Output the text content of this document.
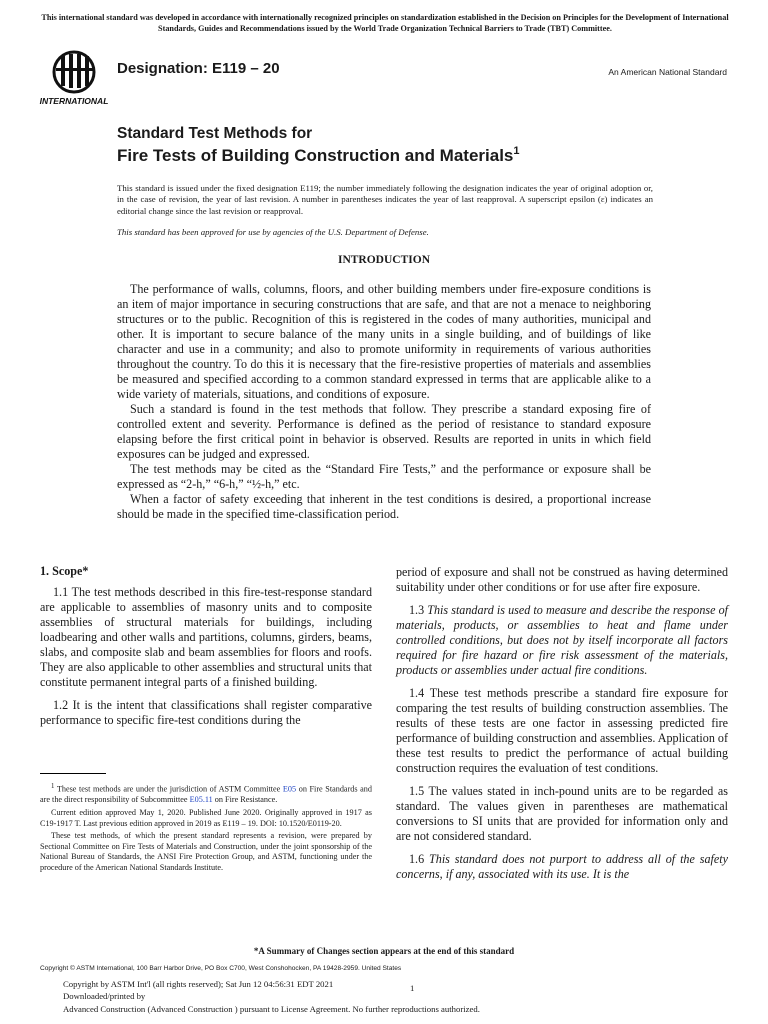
This international standard was developed in accordance with internationally recognized principles on standardization established in the Decision on Principles for the Development of International Standards, Guides and Recommendations issued by the World Trade Organization Technical Barriers to Trade (TBT) Committee.
INTERNATIONAL
Designation: E119 – 20	An American National Standard
Standard Test Methods for
Fire Tests of Building Construction and Materials$^1$
This standard is issued under the fixed designation E119; the number immediately following the designation indicates the year of original adoption or, in the case of revision, the year of last revision. A number in parentheses indicates the year of last reapproval. A superscript epsilon (ε) indicates an editorial change since the last revision or reapproval.
This standard has been approved for use by agencies of the U.S. Department of Defense.
INTRODUCTION

The performance of walls, columns, floors, and other building members under fire-exposure conditions is an item of major importance in securing constructions that are safe, and that are not a menace to neighboring structures or to the public. Recognition of this is registered in the codes of many authorities, municipal and other. It is important to secure balance of the many units in a single building, and of buildings of like character and use in a community; and also to promote uniformity in requirements of various authorities throughout the country. To do this it is necessary that the fire-resistive properties of materials and assemblies be measured and specified according to a common standard expressed in terms that are applicable alike to a wide variety of materials, situations, and conditions of exposure.

Such a standard is found in the test methods that follow. They prescribe a standard exposing fire of controlled extent and severity. Performance is defined as the period of resistance to standard exposure elapsing before the first critical point in behavior is observed. Results are reported in units in which field exposures can be judged and expressed.

The test methods may be cited as the “Standard Fire Tests,” and the performance or exposure shall be expressed as “2-h,” “6-h,” “½-h,” etc.

When a factor of safety exceeding that inherent in the test conditions is desired, a proportional increase should be made in the specified time-classification period.

1. Scope*

1.1 The test methods described in this fire-test-response standard are applicable to assemblies of masonry units and to composite assemblies of structural materials for buildings, including loadbearing and other walls and partitions, columns, girders, beams, slabs, and composite slab and beam assemblies for floors and roofs. They are also applicable to other assemblies and structural units that constitute permanent integral parts of a finished building.

1.2 It is the intent that classifications shall register comparative performance to specific fire-test conditions during the

$^1$ These test methods are under the jurisdiction of ASTM Committee E05 on Fire Standards and are the direct responsibility of Subcommittee E05.11 on Fire Resistance.

Current edition approved May 1, 2020. Published June 2020. Originally approved in 1917 as C19-1917 T. Last previous edition approved in 2019 as E119 – 19. DOI: 10.1520/E0119-20.

These test methods, of which the present standard represents a revision, were prepared by Sectional Committee on Fire Tests of Materials and Construction, under the joint sponsorship of the National Bureau of Standards, the ANSI Fire Protection Group, and ASTM, functioning under the procedure of the American National Standards Institute.

period of exposure and shall not be construed as having determined suitability under other conditions or for use after fire exposure.

1.3 This standard is used to measure and describe the response of materials, products, or assemblies to heat and flame under controlled conditions, but does not by itself incorporate all factors required for fire hazard or fire risk assessment of the materials, products or assemblies under actual fire conditions.

1.4 These test methods prescribe a standard fire exposure for comparing the test results of building construction assemblies. The results of these tests are one factor in assessing predicted fire performance of building construction and assemblies. Application of these test results to predict the performance of actual building construction requires the evaluation of test conditions.

1.5 The values stated in inch-pound units are to be regarded as standard. The values given in parentheses are mathematical conversions to SI units that are provided for information only and are not considered standard.

1.6 This standard does not purport to address all of the safety concerns, if any, associated with its use. It is the

*A Summary of Changes section appears at the end of this standard
Copyright © ASTM International, 100 Barr Harbor Drive, PO Box C700, West Conshohocken, PA 19428-2959. United States
Copyright by ASTM Int'l (all rights reserved); Sat Jun 12 04:56:31 EDT 2021
Downloaded/printed by
Advanced Construction (Advanced Construction ) pursuant to License Agreement. No further reproductions authorized.
1
